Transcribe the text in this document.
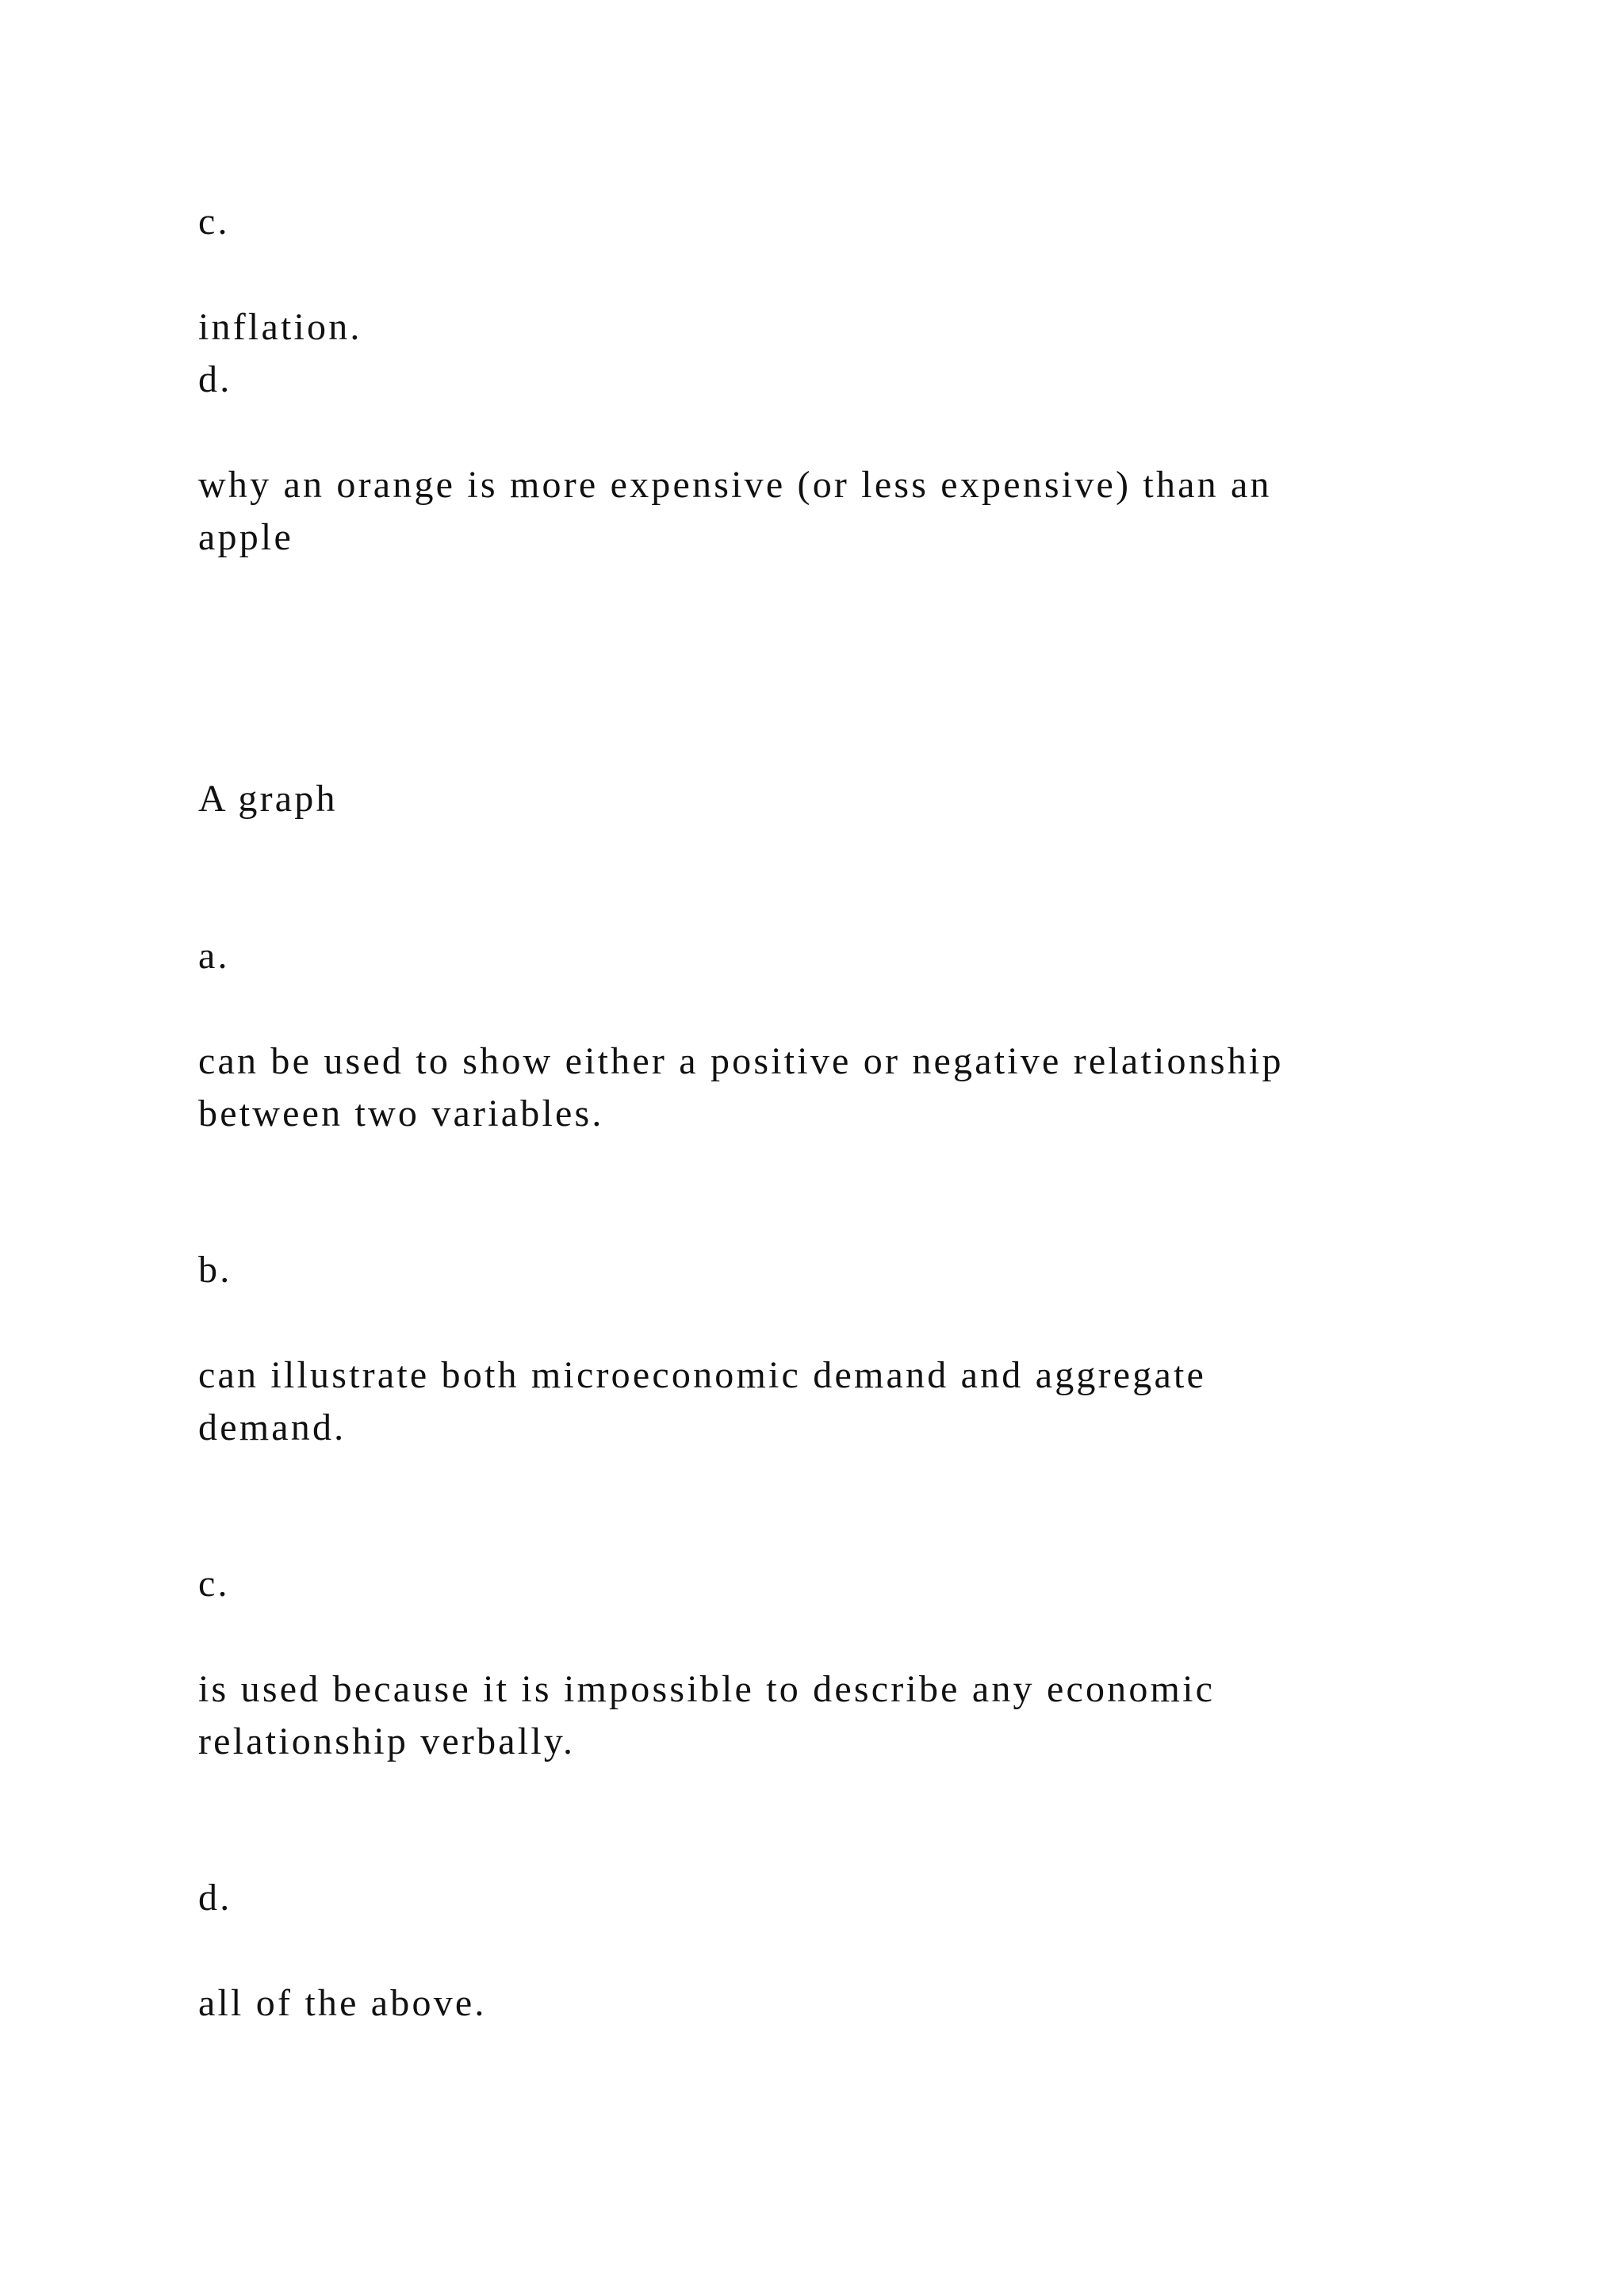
c.

inflation.

d.

why an orange is more expensive (or less expensive) than an

apple

A graph

a.

can be used to show either a positive or negative relationship

between two variables.

b.

can illustrate both microeconomic demand and aggregate

demand.

c.

is used because it is impossible to describe any economic

relationship verbally.

d.

all of the above.
